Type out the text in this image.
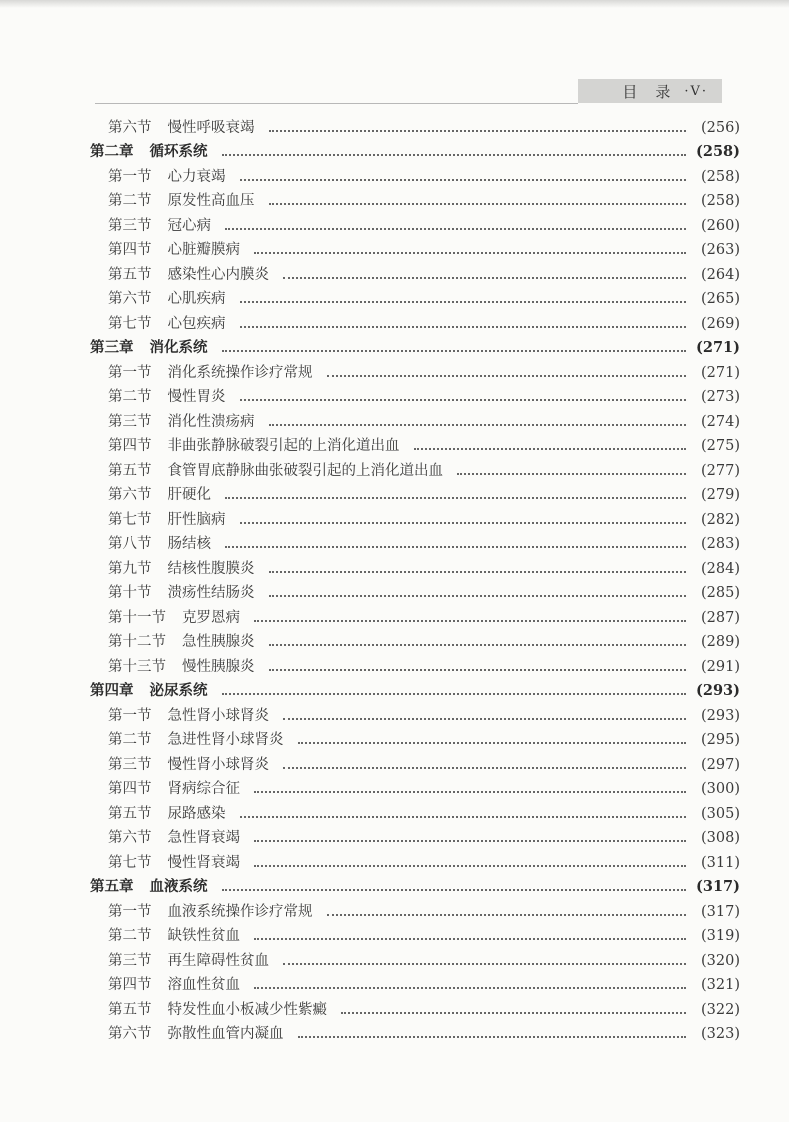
目 录 ·V·
第六节 慢性呼吸衰竭	(256)
第二章 循环系统	(258)
第一节 心力衰竭	(258)
第二节 原发性高血压	(258)
第三节 冠心病	(260)
第四节 心脏瓣膜病	(263)
第五节 感染性心内膜炎	(264)
第六节 心肌疾病	(265)
第七节 心包疾病	(269)
第三章 消化系统	(271)
第一节 消化系统操作诊疗常规	(271)
第二节 慢性胃炎	(273)
第三节 消化性溃疡病	(274)
第四节 非曲张静脉破裂引起的上消化道出血	(275)
第五节 食管胃底静脉曲张破裂引起的上消化道出血	(277)
第六节 肝硬化	(279)
第七节 肝性脑病	(282)
第八节 肠结核	(283)
第九节 结核性腹膜炎	(284)
第十节 溃疡性结肠炎	(285)
第十一节 克罗恩病	(287)
第十二节 急性胰腺炎	(289)
第十三节 慢性胰腺炎	(291)
第四章 泌尿系统	(293)
第一节 急性肾小球肾炎	(293)
第二节 急进性肾小球肾炎	(295)
第三节 慢性肾小球肾炎	(297)
第四节 肾病综合征	(300)
第五节 尿路感染	(305)
第六节 急性肾衰竭	(308)
第七节 慢性肾衰竭	(311)
第五章 血液系统	(317)
第一节 血液系统操作诊疗常规	(317)
第二节 缺铁性贫血	(319)
第三节 再生障碍性贫血	(320)
第四节 溶血性贫血	(321)
第五节 特发性血小板减少性紫癜	(322)
第六节 弥散性血管内凝血	(323)
